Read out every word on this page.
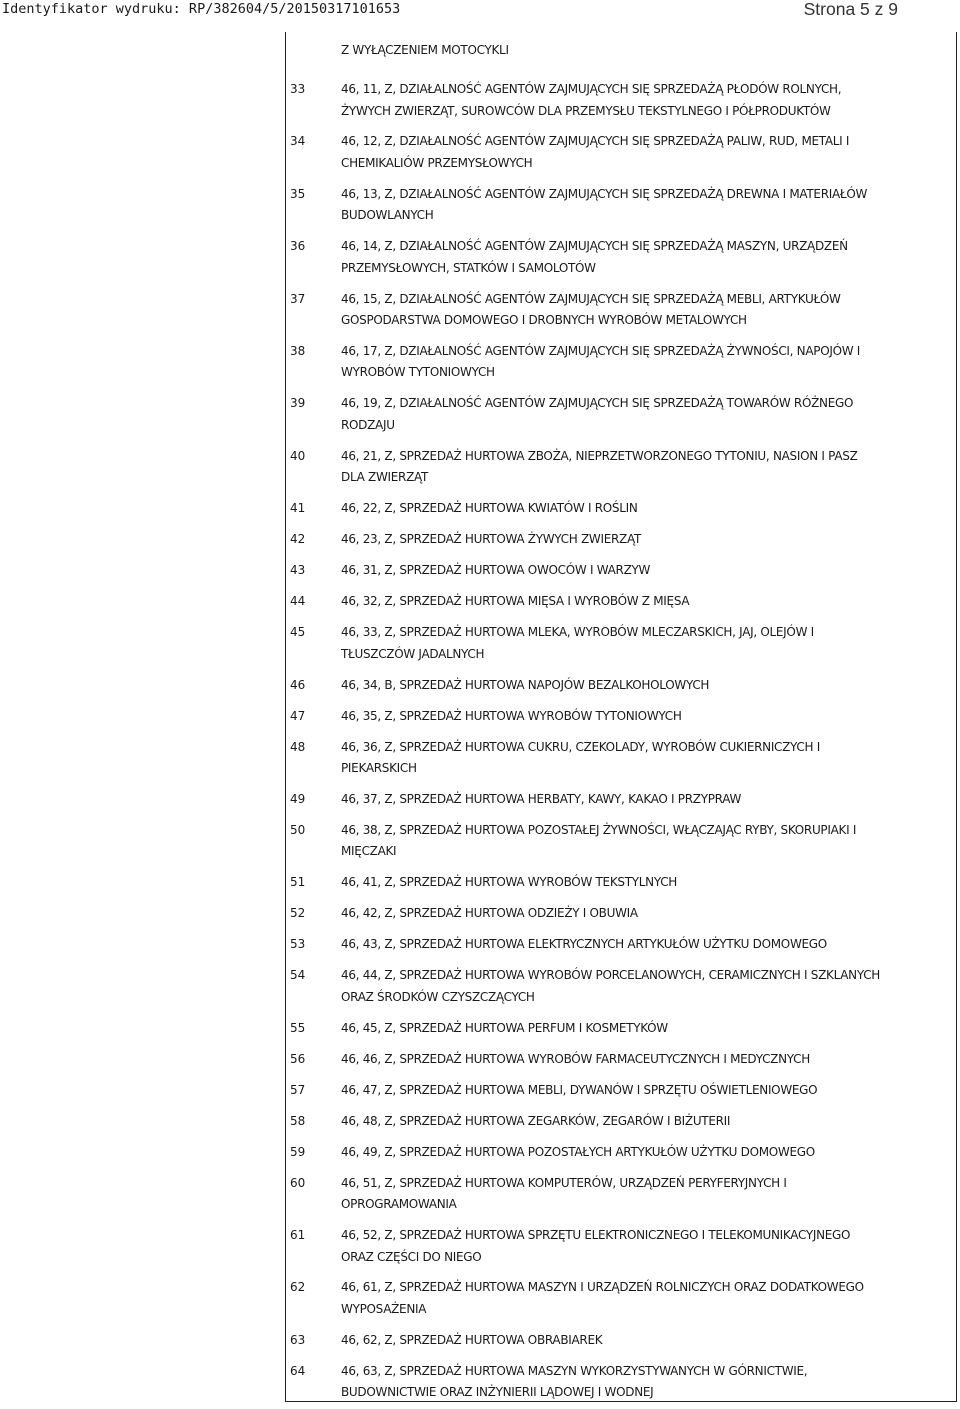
Identyfikator wydruku: RP/382604/5/20150317101653	Strona 5 z 9
Z WYŁĄCZENIEM MOTOCYKLI
33	46, 11, Z, DZIAŁALNOŚĆ AGENTÓW ZAJMUJĄCYCH SIĘ SPRZEDAŻĄ PŁODÓW ROLNYCH,
ŻYWYCH ZWIERZĄT, SUROWCÓW DLA PRZEMYSŁU TEKSTYLNEGO I PÓŁPRODUKTÓW
34	46, 12, Z, DZIAŁALNOŚĆ AGENTÓW ZAJMUJĄCYCH SIĘ SPRZEDAŻĄ PALIW, RUD, METALI I
CHEMIKALIÓW PRZEMYSŁOWYCH
35	46, 13, Z, DZIAŁALNOŚĆ AGENTÓW ZAJMUJĄCYCH SIĘ SPRZEDAŻĄ DREWNA I MATERIAŁÓW
BUDOWLANYCH
36	46, 14, Z, DZIAŁALNOŚĆ AGENTÓW ZAJMUJĄCYCH SIĘ SPRZEDAŻĄ MASZYN, URZĄDZEŃ
PRZEMYSŁOWYCH, STATKÓW I SAMOLOTÓW
37	46, 15, Z, DZIAŁALNOŚĆ AGENTÓW ZAJMUJĄCYCH SIĘ SPRZEDAŻĄ MEBLI, ARTYKUŁÓW
GOSPODARSTWA DOMOWEGO I DROBNYCH WYROBÓW METALOWYCH
38	46, 17, Z, DZIAŁALNOŚĆ AGENTÓW ZAJMUJĄCYCH SIĘ SPRZEDAŻĄ ŻYWNOŚCI, NAPOJÓW I
WYROBÓW TYTONIOWYCH
39	46, 19, Z, DZIAŁALNOŚĆ AGENTÓW ZAJMUJĄCYCH SIĘ SPRZEDAŻĄ TOWARÓW RÓŻNEGO
RODZAJU
40	46, 21, Z, SPRZEDAŻ HURTOWA ZBOŻA, NIEPRZETWORZONEGO TYTONIU, NASION I PASZ
DLA ZWIERZĄT
41	46, 22, Z, SPRZEDAŻ HURTOWA KWIATÓW I ROŚLIN
42	46, 23, Z, SPRZEDAŻ HURTOWA ŻYWYCH ZWIERZĄT
43	46, 31, Z, SPRZEDAŻ HURTOWA OWOCÓW I WARZYW
44	46, 32, Z, SPRZEDAŻ HURTOWA MIĘSA I WYROBÓW Z MIĘSA
45	46, 33, Z, SPRZEDAŻ HURTOWA MLEKA, WYROBÓW MLECZARSKICH, JAJ, OLEJÓW I
TŁUSZCZÓW JADALNYCH
46	46, 34, B, SPRZEDAŻ HURTOWA NAPOJÓW BEZALKOHOLOWYCH
47	46, 35, Z, SPRZEDAŻ HURTOWA WYROBÓW TYTONIOWYCH
48	46, 36, Z, SPRZEDAŻ HURTOWA CUKRU, CZEKOLADY, WYROBÓW CUKIERNICZYCH I
PIEKARSKICH
49	46, 37, Z, SPRZEDAŻ HURTOWA HERBATY, KAWY, KAKAO I PRZYPRAW
50	46, 38, Z, SPRZEDAŻ HURTOWA POZOSTAŁEJ ŻYWNOŚCI, WŁĄCZAJĄC RYBY, SKORUPIAKI I
MIĘCZAKI
51	46, 41, Z, SPRZEDAŻ HURTOWA WYROBÓW TEKSTYLNYCH
52	46, 42, Z, SPRZEDAŻ HURTOWA ODZIEŻY I OBUWIA
53	46, 43, Z, SPRZEDAŻ HURTOWA ELEKTRYCZNYCH ARTYKUŁÓW UŻYTKU DOMOWEGO
54	46, 44, Z, SPRZEDAŻ HURTOWA WYROBÓW PORCELANOWYCH, CERAMICZNYCH I SZKLANYCH
ORAZ ŚRODKÓW CZYSZCZĄCYCH
55	46, 45, Z, SPRZEDAŻ HURTOWA PERFUM I KOSMETYKÓW
56	46, 46, Z, SPRZEDAŻ HURTOWA WYROBÓW FARMACEUTYCZNYCH I MEDYCZNYCH
57	46, 47, Z, SPRZEDAŻ HURTOWA MEBLI, DYWANÓW I SPRZĘTU OŚWIETLENIOWEGO
58	46, 48, Z, SPRZEDAŻ HURTOWA ZEGARKÓW, ZEGARÓW I BIŻUTERII
59	46, 49, Z, SPRZEDAŻ HURTOWA POZOSTAŁYCH ARTYKUŁÓW UŻYTKU DOMOWEGO
60	46, 51, Z, SPRZEDAŻ HURTOWA KOMPUTERÓW, URZĄDZEŃ PERYFERYJNYCH I
OPROGRAMOWANIA
61	46, 52, Z, SPRZEDAŻ HURTOWA SPRZĘTU ELEKTRONICZNEGO I TELEKOMUNIKACYJNEGO
ORAZ CZĘŚCI DO NIEGO
62	46, 61, Z, SPRZEDAŻ HURTOWA MASZYN I URZĄDZEŃ ROLNICZYCH ORAZ DODATKOWEGO
WYPOSAŻENIA
63	46, 62, Z, SPRZEDAŻ HURTOWA OBRABIAREK
64	46, 63, Z, SPRZEDAŻ HURTOWA MASZYN WYKORZYSTYWANYCH W GÓRNICTWIE,
BUDOWNICTWIE ORAZ INŻYNIERII LĄDOWEJ I WODNEJ
